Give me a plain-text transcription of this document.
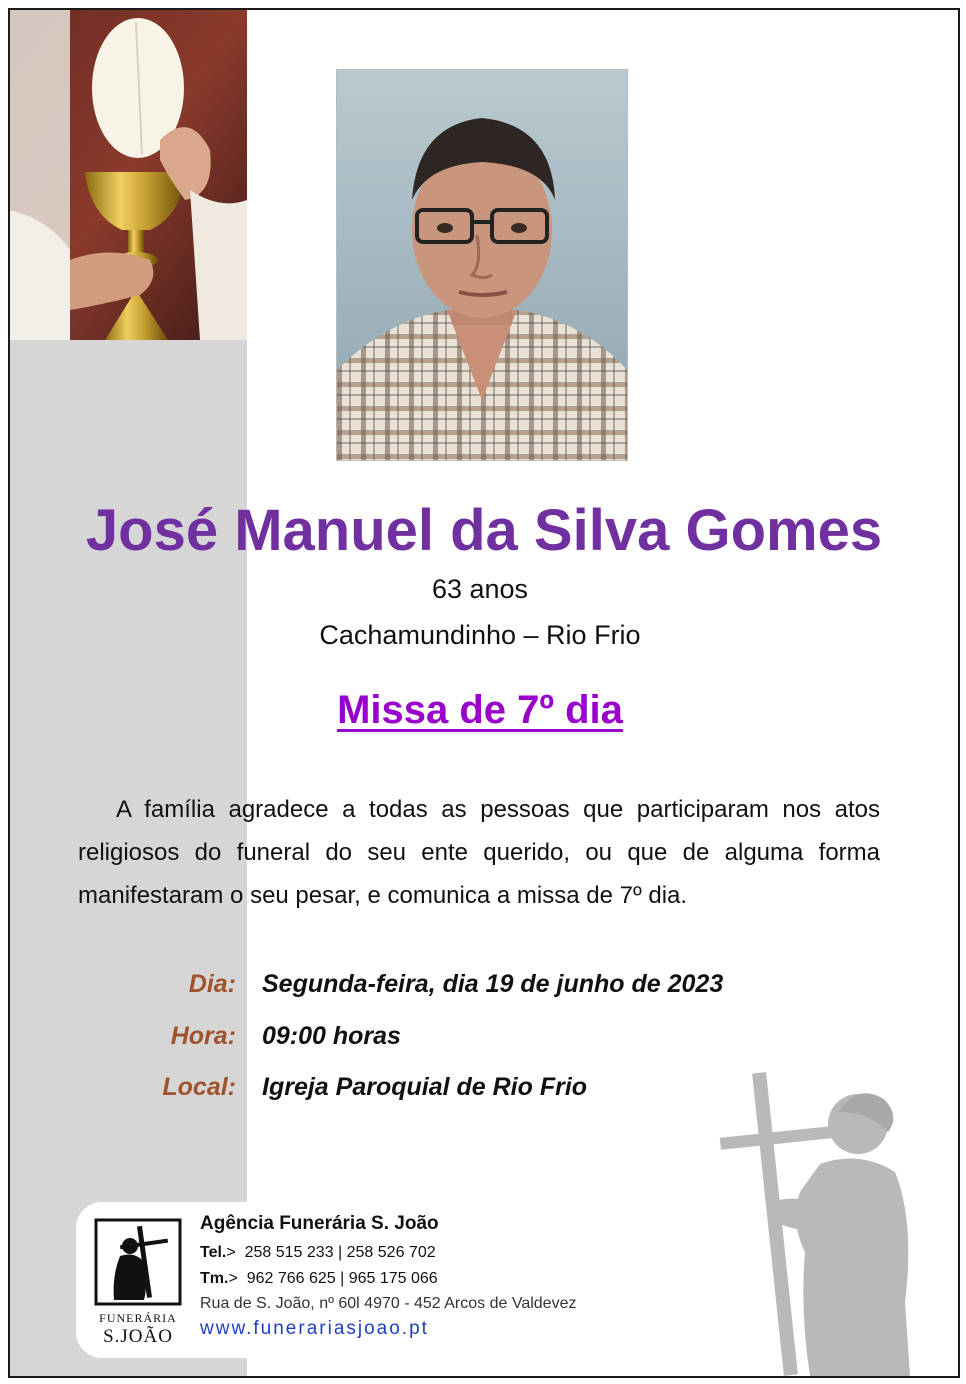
José Manuel da Silva Gomes
63 anos
Cachamundinho – Rio Frio
Missa de 7º dia

A família agradece a todas as pessoas que participaram nos atos religiosos do funeral do seu ente querido, ou que de alguma forma manifestaram o seu pesar, e comunica a missa de 7º dia.

Dia: Segunda-feira, dia 19 de junho de 2023
Hora: 09:00 horas
Local: Igreja Paroquial de Rio Frio
FUNERÁRIA
S.JOÃO
Agência Funerária S. João
Tel.>  258 515 233 | 258 526 702
Tm.>  962 766 625 | 965 175 066
Rua de S. João, nº 60l 4970 - 452 Arcos de Valdevez
www.funerariasjoao.pt
